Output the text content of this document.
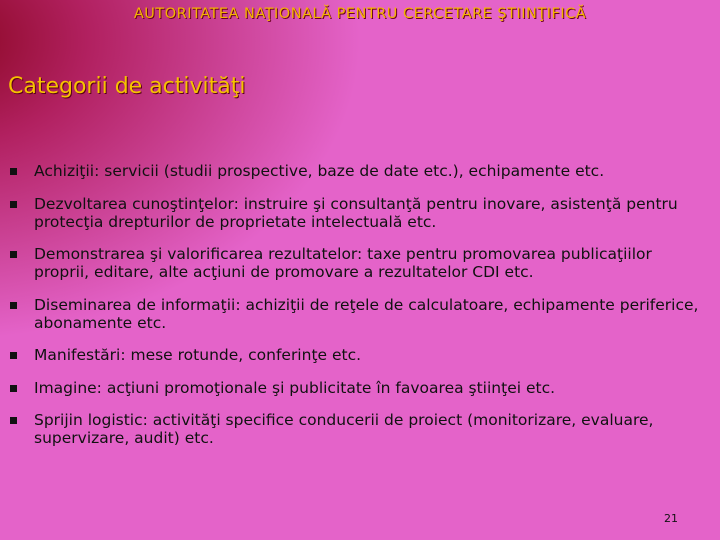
AUTORITATEA NAŢIONALĂ PENTRU CERCETARE ŞTIINŢIFICĂ
Categorii de activităţi
Achiziţii: servicii (studii prospective, baze de date etc.), echipamente etc.
Dezvoltarea cunoştinţelor: instruire şi consultanţă pentru inovare, asistenţă pentru protecţia drepturilor de proprietate intelectuală etc.
Demonstrarea şi valorificarea rezultatelor: taxe pentru promovarea publicaţiilor proprii, editare, alte acţiuni de promovare a rezultatelor CDI etc.
Diseminarea de informaţii: achiziţii de reţele de calculatoare, echipamente periferice, abonamente etc.
Manifestări: mese rotunde, conferinţe etc.
Imagine: acţiuni promoţionale şi publicitate în favoarea ştiinţei etc.
Sprijin logistic: activităţi specifice conducerii de proiect (monitorizare, evaluare, supervizare, audit) etc.
21
